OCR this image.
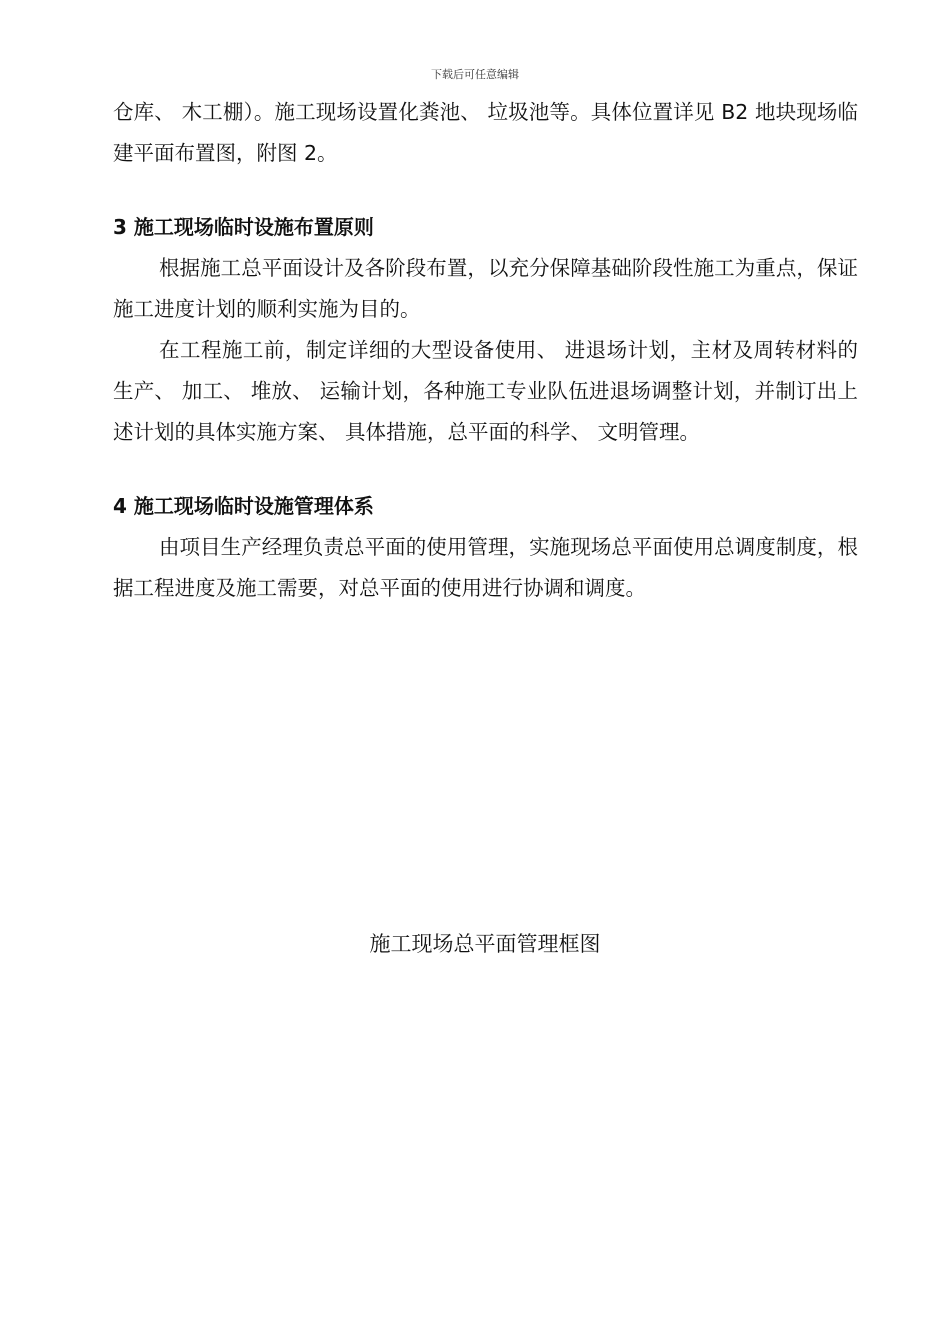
下载后可任意编辑

仓库、 木工棚）。施工现场设置化粪池、 垃圾池等。具体位置详见 B2 地块现场临建平面布置图，附图 2。

3 施工现场临时设施布置原则

根据施工总平面设计及各阶段布置，以充分保障基础阶段性施工为重点，保证施工进度计划的顺利实施为目的。

在工程施工前，制定详细的大型设备使用、 进退场计划，主材及周转材料的生产、 加工、 堆放、 运输计划，各种施工专业队伍进退场调整计划，并制订出上述计划的具体实施方案、 具体措施，总平面的科学、 文明管理。

4 施工现场临时设施管理体系

由项目生产经理负责总平面的使用管理，实施现场总平面使用总调度制度，根据工程进度及施工需要，对总平面的使用进行协调和调度。

施工现场总平面管理框图
